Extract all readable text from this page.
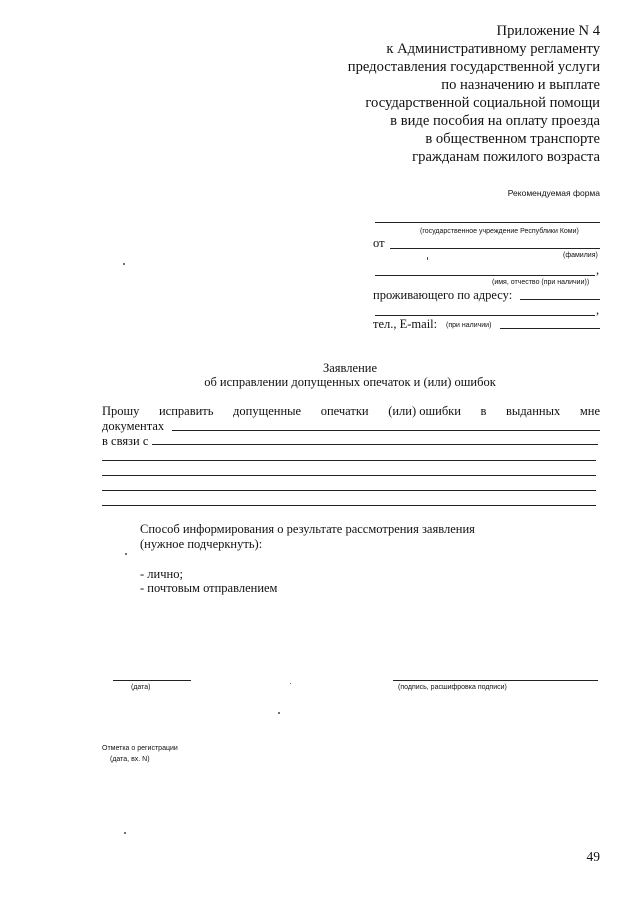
Приложение N 4
к Административному регламенту
предоставления государственной услуги
по назначению и выплате
государственной социальной помощи
в виде пособия на оплату проезда
в общественном транспорте
гражданам пожилого возраста
Рекомендуемая форма
(государственное учреждение Республики Коми)
от
(фамилия)
,
(имя, отчество (при наличии))
проживающего по адресу:
,
тел., E-mail: (при наличии)
Заявление
об исправлении допущенных опечаток и (или) ошибок
Прошу исправить допущенные опечатки (или) ошибки в выданных мне
документах
в связи с
Способ информирования о результате рассмотрения заявления
(нужное подчеркнуть):
- лично;
- почтовым отправлением
(дата)	(подпись, расшифровка подписи)
Отметка о регистрации
(дата, вх. N)
49
